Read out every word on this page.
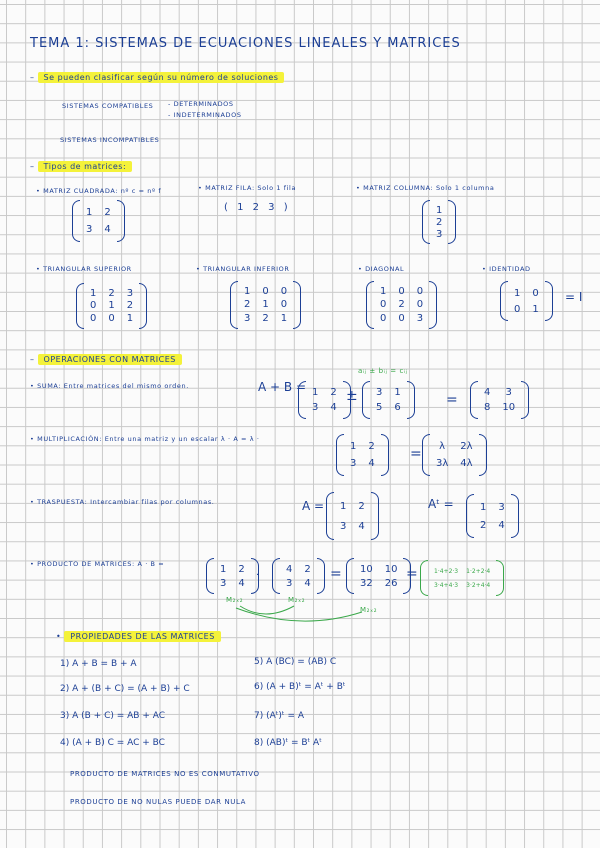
TEMA 1: SISTEMAS DE ECUACIONES LINEALES Y MATRICES
– Se pueden clasificar según su número de soluciones
SISTEMAS COMPATIBLES - DETERMINADOS
- INDETERMINADOS
SISTEMAS INCOMPATIBLES
– Tipos de matrices:
• MATRIZ CUADRADA: nº c = nº f
1 2
3 4
• MATRIZ FILA: Solo 1 fila
( 1 2 3 )
• MATRIZ COLUMNA: Solo 1 columna
1
2
3
• TRIANGULAR SUPERIOR
1 2 3
0 1 2
0 0 1
• TRIANGULAR INFERIOR
1 0 0
2 1 0
3 2 1
• DIAGONAL
1 0 0
0 2 0
0 0 3
• IDENTIDAD
1 0
0 1
= I
– OPERACIONES CON MATRICES
• SUMA: Entre matrices del mismo orden.
aᵢⱼ ± bᵢⱼ = cᵢⱼ
A + B = 1 2
3 4
± 3 1
5 6	=	4 3
8 10
• MULTIPLICACIÓN: Entre una matriz y un escalar λ · A = λ ·
1 2
3 4
= λ 2λ
3λ 4λ
• TRASPUESTA: Intercambiar filas por columnas.	A = 1 2
3 4
Aᵗ =	1 3
2 4
• PRODUCTO DE MATRICES: A · B =	1 2
3 4
·
4 2
3 4
= 10 10
32 26
=	1·4+2·3 1·2+2·4
3·4+4·3 3·2+4·4
M₂ₓ₂	M₂ₓ₂
M₂ₓ₂
• PROPIEDADES DE LAS MATRICES
1) A + B = B + A
2) A + (B + C) = (A + B) + C
3) A (B + C) = AB + AC
4) (A + B) C = AC + BC
5) A (BC) = (AB) C
6) (A + B)ᵗ = Aᵗ + Bᵗ
7) (Aᵗ)ᵗ = A
8) (AB)ᵗ = Bᵗ Aᵗ
PRODUCTO DE MATRICES NO ES CONMUTATIVO
PRODUCTO DE NO NULAS PUEDE DAR NULA
